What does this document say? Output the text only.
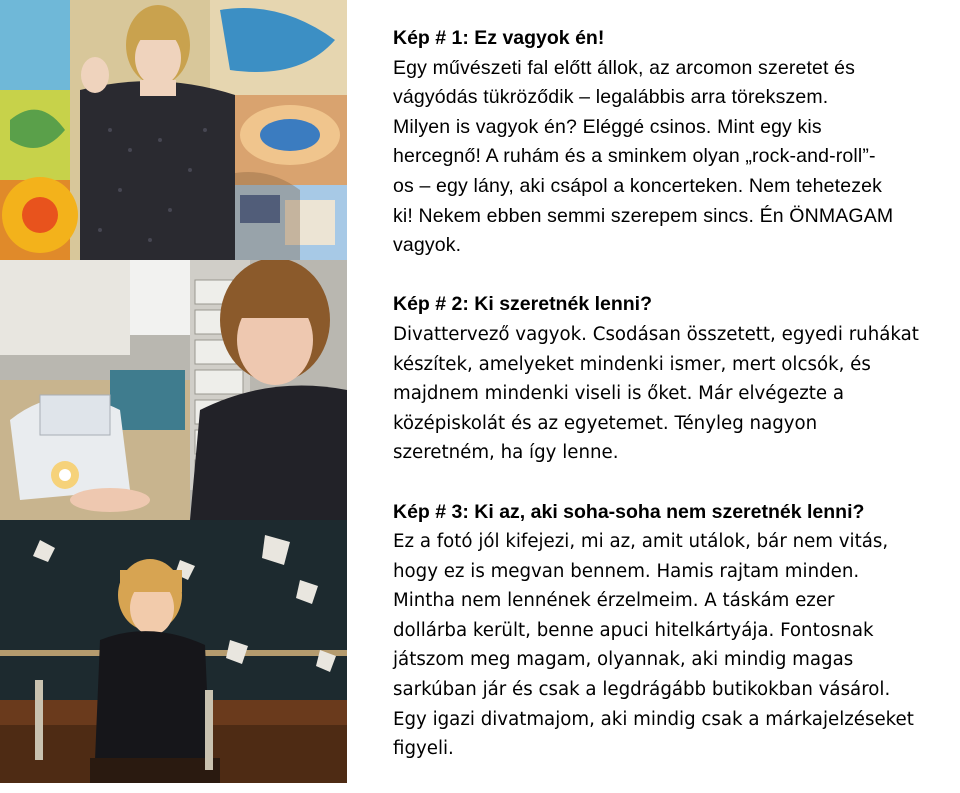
Kép # 1: Ez vagyok én!
Egy művészeti fal előtt állok, az arcomon szeretet és
vágyódás tükröződik – legalábbis arra törekszem.
Milyen is vagyok én? Eléggé csinos. Mint egy kis
hercegnő! A ruhám és a sminkem olyan „rock-and-roll”-
os – egy lány, aki csápol a koncerteken. Nem tehetezek
ki! Nekem ebben semmi szerepem sincs. Én ÖNMAGAM
vagyok.
Kép # 2: Ki szeretnék lenni?
Divattervező vagyok. Csodásan összetett, egyedi ruhákat
készítek, amelyeket mindenki ismer, mert olcsók, és
majdnem mindenki viseli is őket. Már elvégezte a
középiskolát és az egyetemet. Tényleg nagyon
szeretném, ha így lenne.
Kép # 3: Ki az, aki soha-soha nem szeretnék lenni?
Ez a fotó jól kifejezi, mi az, amit utálok, bár nem vitás,
hogy ez is megvan bennem. Hamis rajtam minden.
Mintha nem lennének érzelmeim. A táskám ezer
dollárba került, benne apuci hitelkártyája. Fontosnak
játszom meg magam, olyannak, aki mindig magas
sarkúban jár és csak a legdrágább butikokban vásárol.
Egy igazi divatmajom, aki mindig csak a márkajelzéseket
figyeli.
